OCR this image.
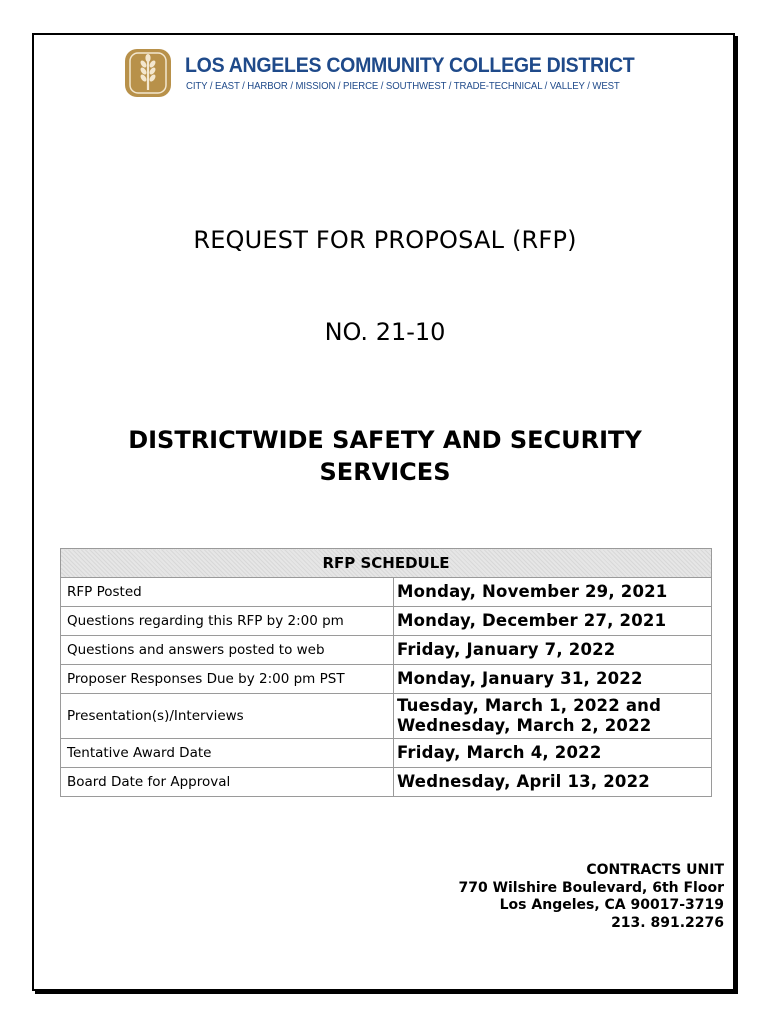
LOS ANGELES COMMUNITY COLLEGE DISTRICT
CITY / EAST / HARBOR / MISSION / PIERCE / SOUTHWEST / TRADE-TECHNICAL / VALLEY / WEST
REQUEST FOR PROPOSAL (RFP)
NO. 21-10
DISTRICTWIDE SAFETY AND SECURITY SERVICES
RFP SCHEDULE	
RFP Posted	Monday, November 29, 2021
Questions regarding this RFP by 2:00 pm	Monday, December 27, 2021
Questions and answers posted to web	Friday, January 7, 2022
Proposer Responses Due by 2:00 pm PST	Monday, January 31, 2022
Presentation(s)/Interviews	Tuesday, March 1, 2022 and
Wednesday, March 2, 2022

Tentative Award Date	Friday, March 4, 2022
Board Date for Approval	Wednesday, April 13, 2022
CONTRACTS UNIT
770 Wilshire Boulevard, 6th Floor
Los Angeles, CA 90017-3719
213. 891.2276
